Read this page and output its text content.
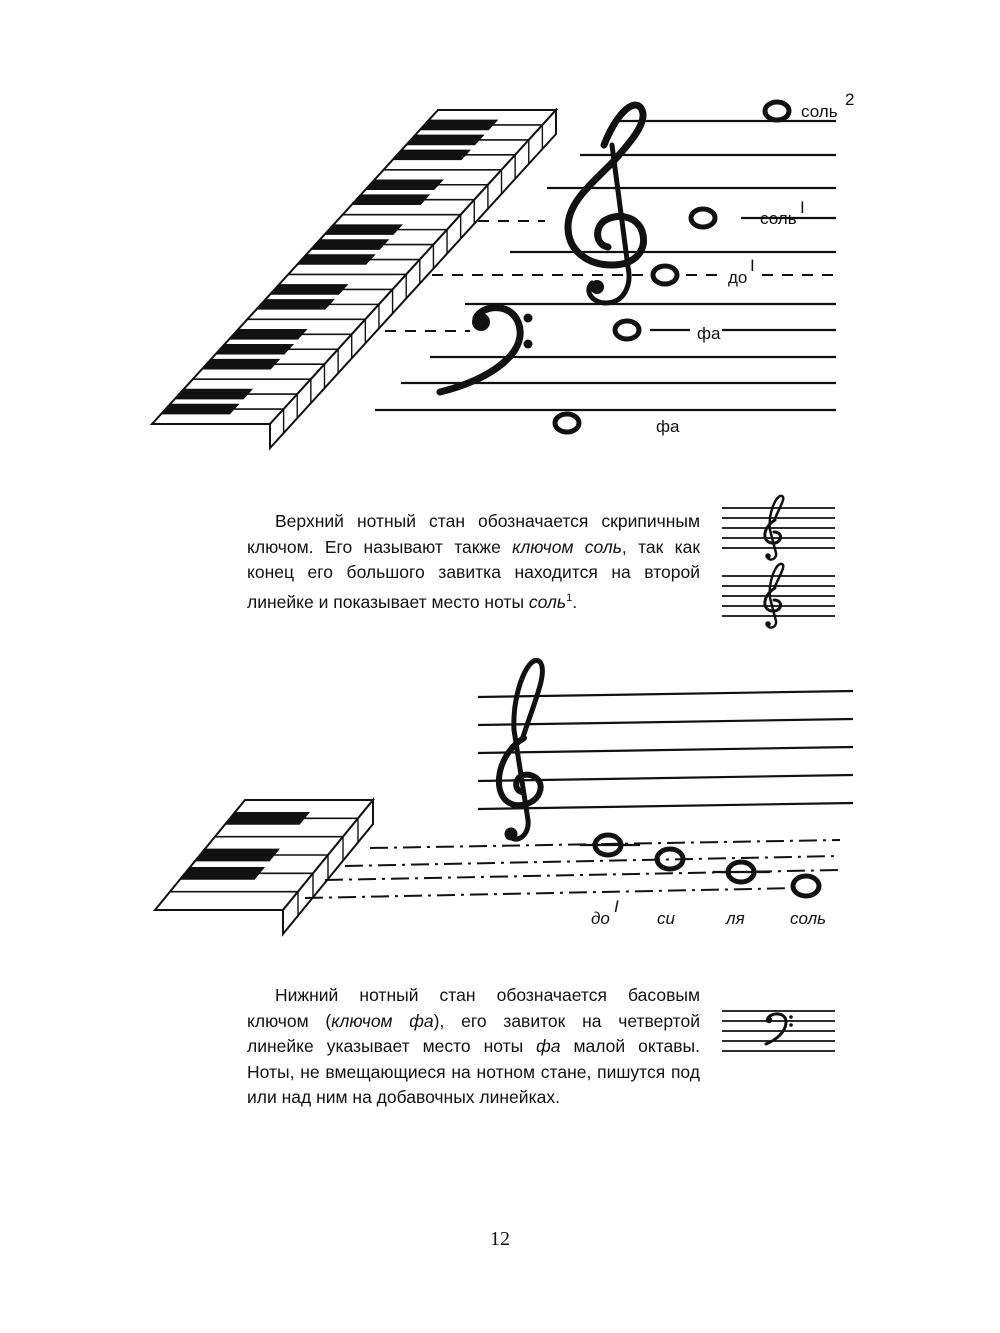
соль
2
соль
I
до
I
фа
фа

Верхний нотный стан обозначается скрипичным ключом. Его называют также ключом соль, так как конец его большого завитка находится на второй линейке и показывает место ноты соль$^1$.

до
I
си	ля	соль

Нижний нотный стан обозначается басовым ключом (ключом фа), его завиток на четвертой линейке указывает место ноты фа малой октавы. Ноты, не вмещающиеся на нотном стане, пишутся под или над ним на добавочных линейках.

12
